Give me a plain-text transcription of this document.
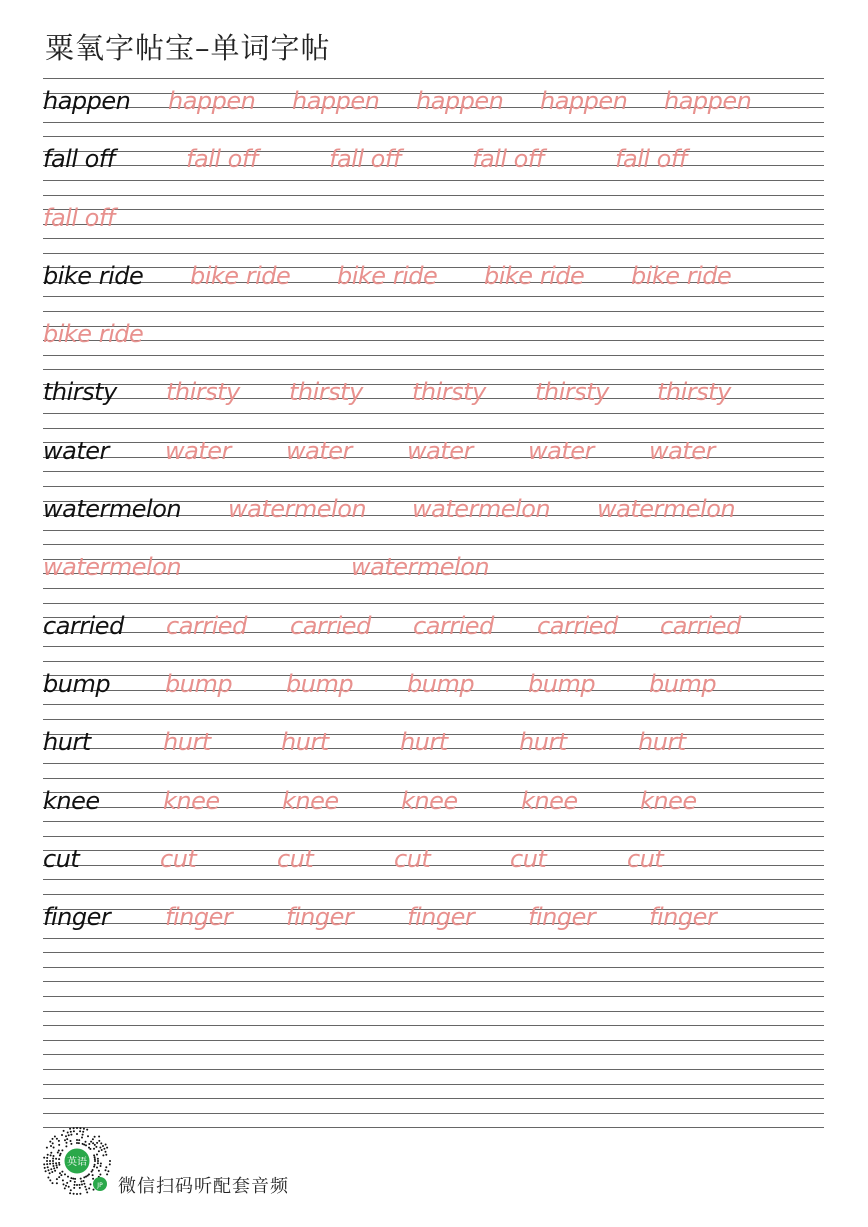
粟氧字帖宝–单词字帖
happen happen happen happen happen happen
fall off	fall off	fall off	fall off	fall off
fall off
bike ride bike ride bike ride bike ride bike ride
bike ride
thirsty thirsty thirsty thirsty thirsty thirsty
water water water water water water
watermelon watermelon watermelon watermelon
watermelon	watermelon
carried carried carried carried carried carried
bump bump bump bump bump bump
hurt	hurt	hurt	hurt	hurt	hurt
knee	knee	knee	knee	knee	knee
cut	cut	cut	cut	cut	cut
finger finger finger finger finger finger
英语
JP 微信扫码听配套音频
